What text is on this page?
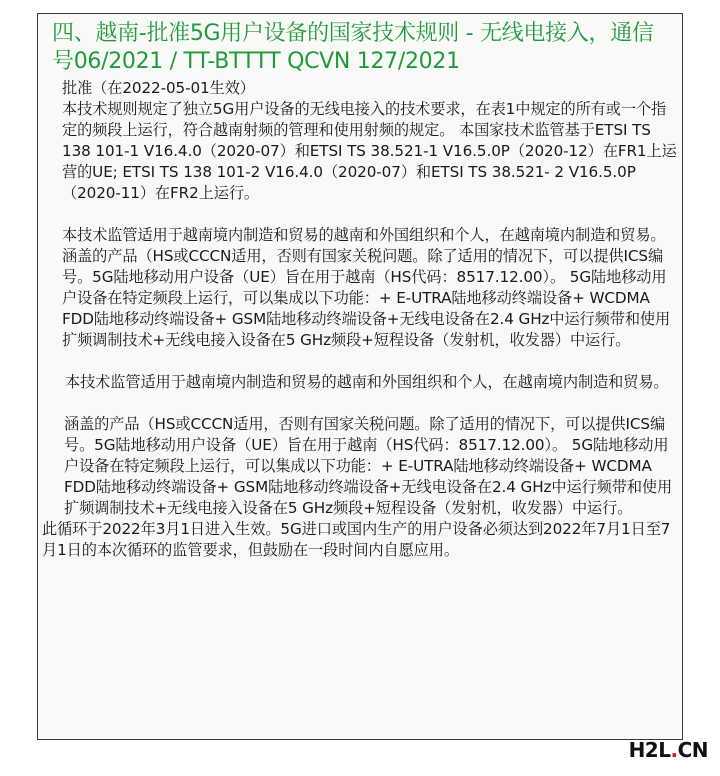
四、越南-批准5G用户设备的国家技术规则 - 无线电接入，通信号06/2021 / TT-BTTTT QCVN 127/2021

批准（在2022-05-01生效）

本技术规则规定了独立5G用户设备的无线电接入的技术要求，在表1中规定的所有或一个指定的频段上运行，符合越南射频的管理和使用射频的规定。 本国家技术监管基于ETSI TS 138 101-1 V16.4.0（2020-07）和ETSI TS 38.521-1 V16.5.0P（2020-12）在FR1上运营的UE; ETSI TS 138 101-2 V16.4.0（2020-07）和ETSI TS 38.521- 2 V16.5.0P（2020-11）在FR2上运行。

本技术监管适用于越南境内制造和贸易的越南和外国组织和个人，在越南境内制造和贸易。涵盖的产品（HS或CCCN适用，否则有国家关税问题。除了适用的情况下，可以提供ICS编号。5G陆地移动用户设备（UE）旨在用于越南（HS代码：8517.12.00）。 5G陆地移动用户设备在特定频段上运行，可以集成以下功能：+ E-UTRA陆地移动终端设备+ WCDMA FDD陆地移动终端设备+ GSM陆地移动终端设备+无线电设备在2.4 GHz中运行频带和使用扩频调制技术+无线电接入设备在5 GHz频段+短程设备（发射机，收发器）中运行。

本技术监管适用于越南境内制造和贸易的越南和外国组织和个人，在越南境内制造和贸易。

涵盖的产品（HS或CCCN适用，否则有国家关税问题。除了适用的情况下，可以提供ICS编号。5G陆地移动用户设备（UE）旨在用于越南（HS代码：8517.12.00）。 5G陆地移动用户设备在特定频段上运行，可以集成以下功能：+ E-UTRA陆地移动终端设备+ WCDMA FDD陆地移动终端设备+ GSM陆地移动终端设备+无线电设备在2.4 GHz中运行频带和使用扩频调制技术+无线电接入设备在5 GHz频段+短程设备（发射机，收发器）中运行。

此循环于2022年3月1日进入生效。5G进口或国内生产的用户设备必须达到2022年7月1日至7月1日的本次循环的监管要求，但鼓励在一段时间内自愿应用。

H2L.CN
